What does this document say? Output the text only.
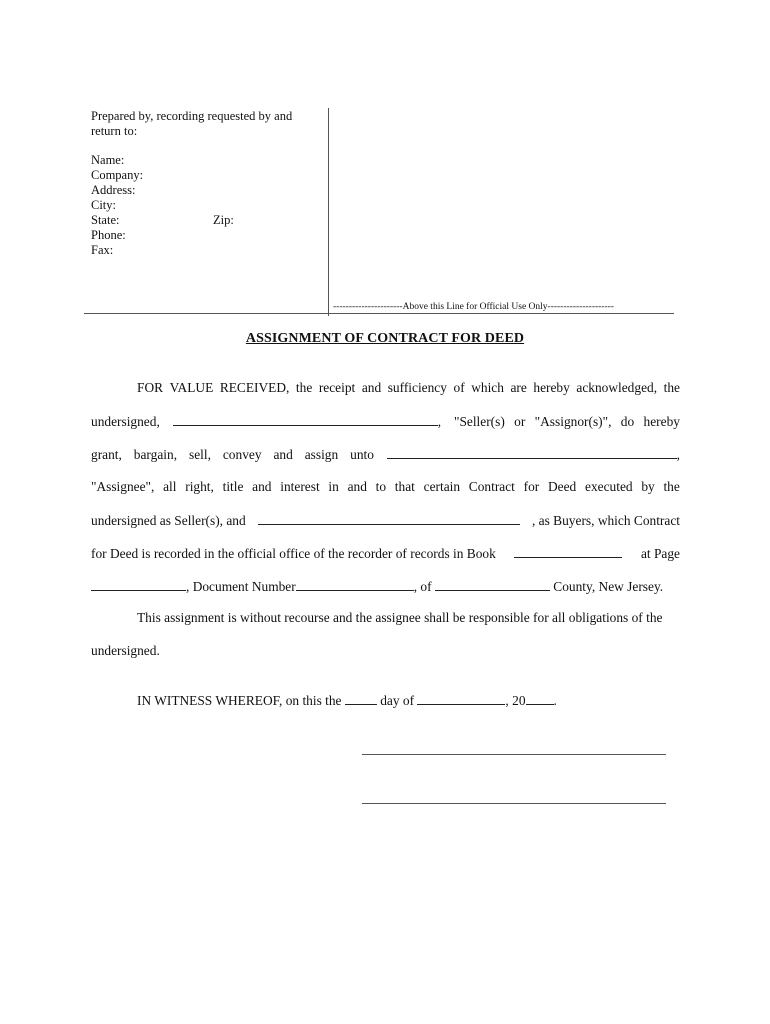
Prepared by, recording requested by and
return to:
Name:
Company:
Address:
City:
State:	Zip:
Phone:
Fax:
----------------------Above this Line for Official Use Only---------------------
ASSIGNMENT OF CONTRACT FOR DEED
FOR VALUE RECEIVED, the receipt and sufficiency of which are hereby acknowledged, the
undersigned,	, "Seller(s) or "Assignor(s)", do hereby
grant, bargain, sell, convey and assign unto	,
"Assignee", all right, title and interest in and to that certain Contract for Deed executed by the
undersigned as Seller(s), and	, as Buyers, which Contract
for Deed is recorded in the official office of the recorder of records in Book	at Page
, Document Number	, of	County, New Jersey.
This assignment is without recourse and the assignee shall be responsible for all obligations of the
undersigned.
IN WITNESS WHEREOF, on this the	day of	, 20 .
